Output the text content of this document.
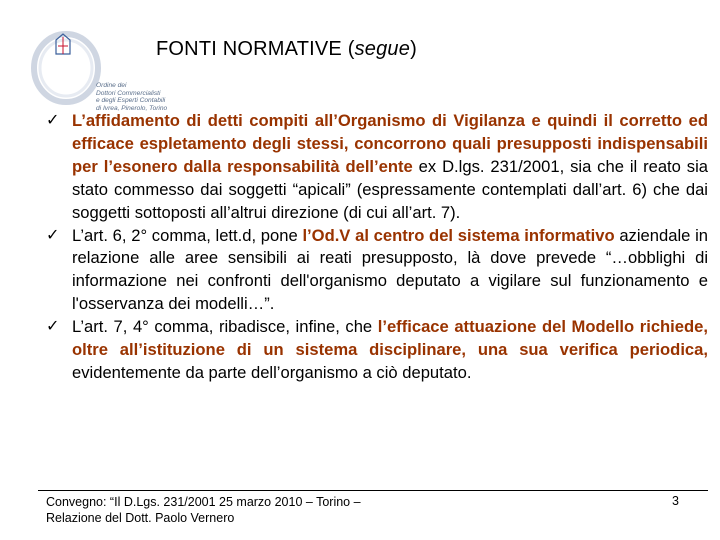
Ordine dei
Dottori Commercialisti
e degli Esperti Contabili
di Ivrea, Pinerolo, Torino
FONTI NORMATIVE (segue)
✓ L’affidamento di detti compiti all’Organismo di Vigilanza e quindi il corretto ed efficace espletamento degli stessi, concorrono quali presupposti indispensabili per l’esonero dalla responsabilità dell’ente ex D.lgs. 231/2001, sia che il reato sia stato commesso dai soggetti “apicali” (espressamente contemplati dall’art. 6) che dai soggetti sottoposti all’altrui direzione (di cui all’art. 7).
✓ L’art. 6, 2° comma, lett.d, pone l’Od.V al centro del sistema informativo aziendale in relazione alle aree sensibili ai reati presupposto, là dove prevede “…obblighi di informazione nei confronti dell'organismo deputato a vigilare sul funzionamento e l'osservanza dei modelli…”.
✓ L’art. 7, 4° comma, ribadisce, infine, che l’efficace attuazione del Modello richiede, oltre all’istituzione di un sistema disciplinare, una sua verifica periodica, evidentemente da parte dell’organismo a ciò deputato.
Convegno: “Il D.Lgs. 231/2001 25 marzo 2010 – Torino –
Relazione del Dott. Paolo Vernero
3
